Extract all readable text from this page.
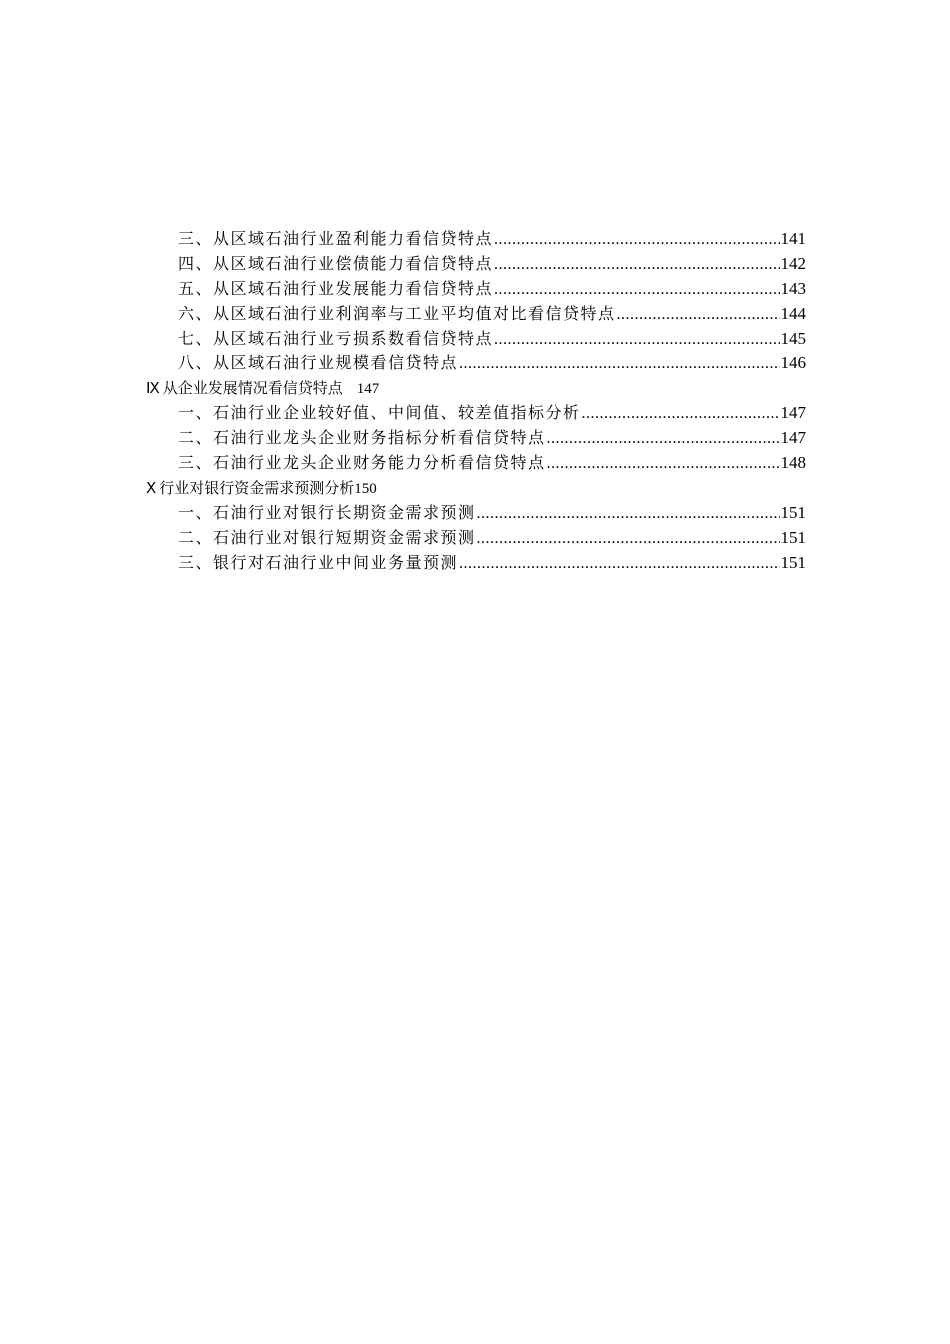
三、从区域石油行业盈利能力看信贷特点 .....	141
四、从区域石油行业偿债能力看信贷特点 .....	142
五、从区域石油行业发展能力看信贷特点 .....	143
六、从区域石油行业利润率与工业平均值对比看信贷特点 .....	144
七、从区域石油行业亏损系数看信贷特点 .....	145
八、从区域石油行业规模看信贷特点 .....	146
Ⅸ 从企业发展情况看信贷特点 147
一、石油行业企业较好值、中间值、较差值指标分析 .....	147
二、石油行业龙头企业财务指标分析看信贷特点 .....	147
三、石油行业龙头企业财务能力分析看信贷特点 .....	148
Ⅹ 行业对银行资金需求预测分析150
一、石油行业对银行长期资金需求预测 .....	151
二、石油行业对银行短期资金需求预测 .....	151
三、银行对石油行业中间业务量预测 .....	151
